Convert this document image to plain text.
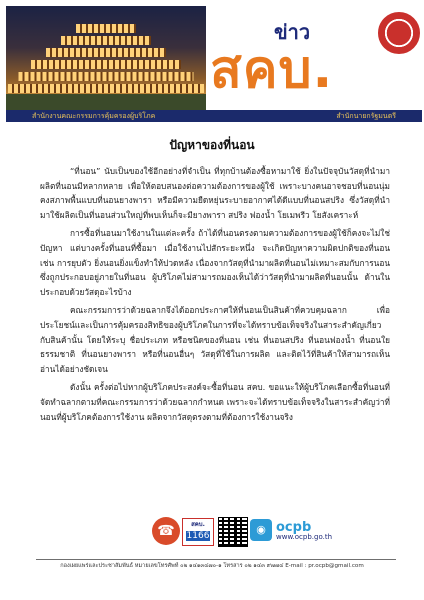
ข่าว
สคบ.
สำนักงานคณะกรรมการคุ้มครองผู้บริโภค	สำนักนายกรัฐมนตรี
ปัญหาของที่นอน

“ที่นอน” นับเป็นของใช้อีกอย่างที่จำเป็น ที่ทุกบ้านต้องซื้อหามาใช้ ยิ่งในปัจจุบันวัสดุที่นำมาผลิตที่นอนมีหลากหลาย เพื่อให้ตอบสนองต่อความต้องการของผู้ใช้ เพราะบางคนอาจชอบที่นอนนุ่ม คงสภาพพื้นแบบที่นอนยางพารา หรือมีความยืดหยุ่นระบายอากาศได้ดีแบบที่นอนสปริง ซึ่งวัสดุที่นำมาใช้ผลิตเป็นที่นอนส่วนใหญ่ที่พบเห็นก็จะมียางพารา สปริง ฟองน้ำ โยเมพรีว โยสังเคราะห์

การซื้อที่นอนมาใช้งานในแต่ละครั้ง ถ้าได้ที่นอนตรงตามความต้องการของผู้ใช้ก็คงจะไม่ใช่ปัญหา แต่บางครั้งที่นอนที่ซื้อมา เมื่อใช้งานไปสักระยะหนึ่ง จะเกิดปัญหาความผิดปกติของที่นอน เช่น การยุบตัว ยิ่งนอนยิ่งแข็งทำให้ปวดหลัง เนื่องจากวัสดุที่นำมาผลิตที่นอนไม่เหมาะสมกับการนอน ซึ่งถูกประกอบอยู่ภายในที่นอน ผู้บริโภคไม่สามารถมองเห็นได้ว่าวัสดุที่นำมาผลิตที่นอนนั้น ด้านในประกอบด้วยวัสดุอะไรบ้าง

คณะกรรมการว่าด้วยฉลากจึงได้ออกประกาศให้ที่นอนเป็นสินค้าที่ควบคุมฉลาก เพื่อประโยชน์และเป็นการคุ้มครองสิทธิของผู้บริโภคในการที่จะได้ทราบข้อเท็จจริงในสาระสำคัญเกี่ยวกับสินค้านั้น โดยให้ระบุ ชื่อประเภท หรือชนิดของที่นอน เช่น ที่นอนสปริง ที่นอนฟองน้ำ ที่นอนใยธรรมชาติ ที่นอนยางพารา หรือที่นอนอื่นๆ วัสดุที่ใช้ในการผลิต และติดไว้ที่สินค้าให้สามารถเห็น อ่านได้อย่างชัดเจน

ดังนั้น ครั้งต่อไปหากผู้บริโภคประสงค์จะซื้อที่นอน สคบ. ขอแนะให้ผู้บริโภคเลือกซื้อที่นอนที่จัดทำฉลากตามที่คณะกรรมการว่าด้วยฉลากกำหนด เพราะจะได้ทราบข้อเท็จจริงในสาระสำคัญว่าที่นอนที่ผู้บริโภคต้องการใช้งาน ผลิตจากวัสดุตรงตามที่ต้องการใช้งานจริง

☎	สคบ.
1166	◉ ocpb
www.ocpb.go.th
กองเผยแพร่และประชาสัมพันธ์ หมายเลขโทรศัพท์ ๐๒ ๑๔๑๓๔๗๐-๑ โทรสาร ๐๒ ๑๔๓ ๙๗๗๔ E-mail : pr.ocpb@gmail.com
